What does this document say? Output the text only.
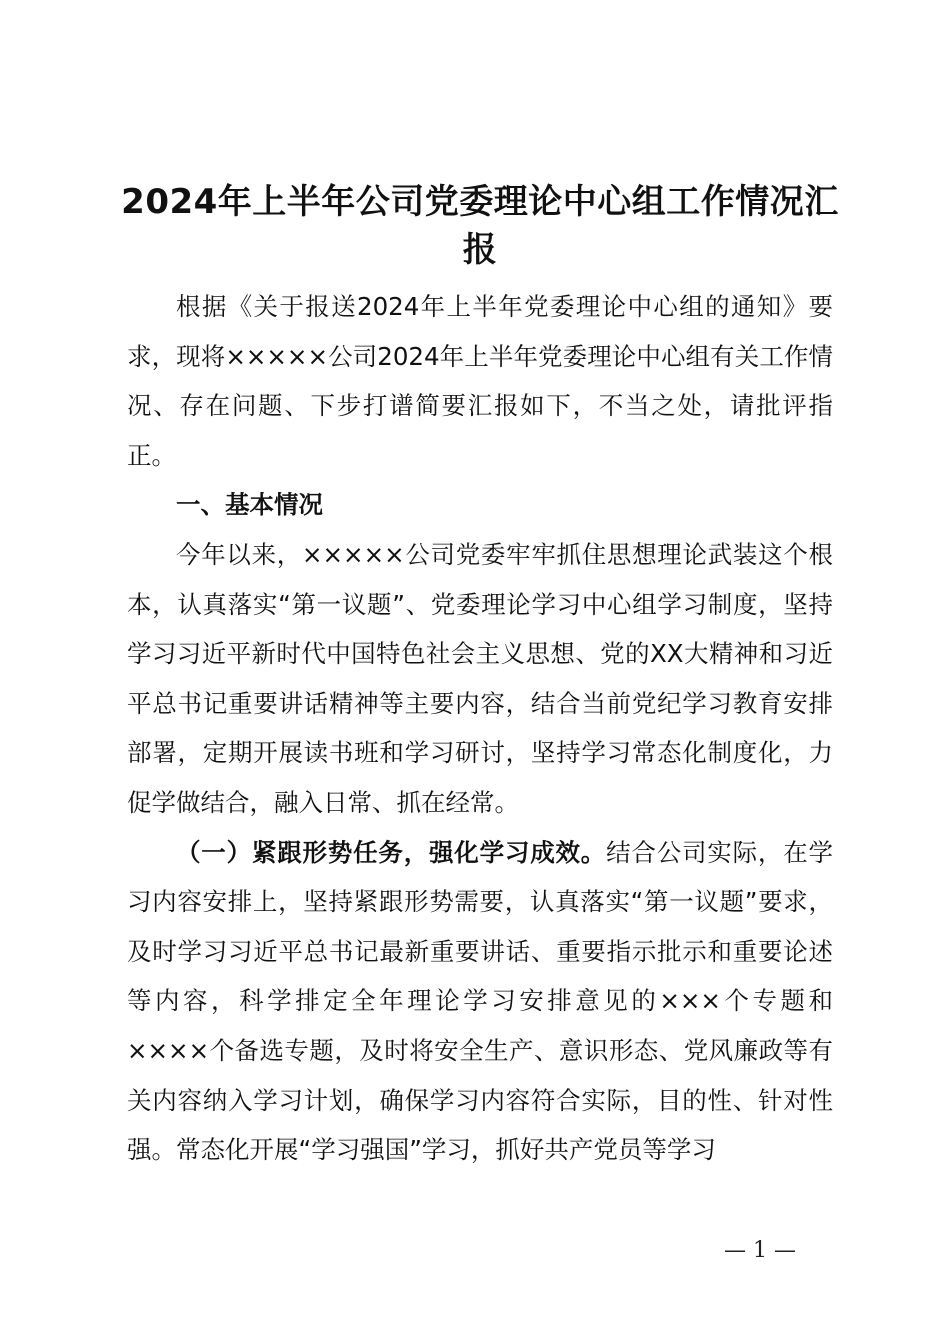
2024年上半年公司党委理论中心组工作情况汇报

根据《关于报送2024年上半年党委理论中心组的通知》要求，现将×××××公司2024年上半年党委理论中心组有关工作情况、存在问题、下步打谱简要汇报如下，不当之处，请批评指正。

一、基本情况

今年以来，×××××公司党委牢牢抓住思想理论武装这个根本，认真落实“第一议题”、党委理论学习中心组学习制度，坚持学习习近平新时代中国特色社会主义思想、党的XX大精神和习近平总书记重要讲话精神等主要内容，结合当前党纪学习教育安排部署，定期开展读书班和学习研讨，坚持学习常态化制度化，力促学做结合，融入日常、抓在经常。

（一）紧跟形势任务，强化学习成效。结合公司实际，在学习内容安排上，坚持紧跟形势需要，认真落实“第一议题”要求，及时学习习近平总书记最新重要讲话、重要指示批示和重要论述等内容，科学排定全年理论学习安排意见的×××个专题和××××个备选专题，及时将安全生产、意识形态、党风廉政等有关内容纳入学习计划，确保学习内容符合实际，目的性、针对性强。常态化开展“学习强国”学习，抓好共产党员等学习

— 1 —
